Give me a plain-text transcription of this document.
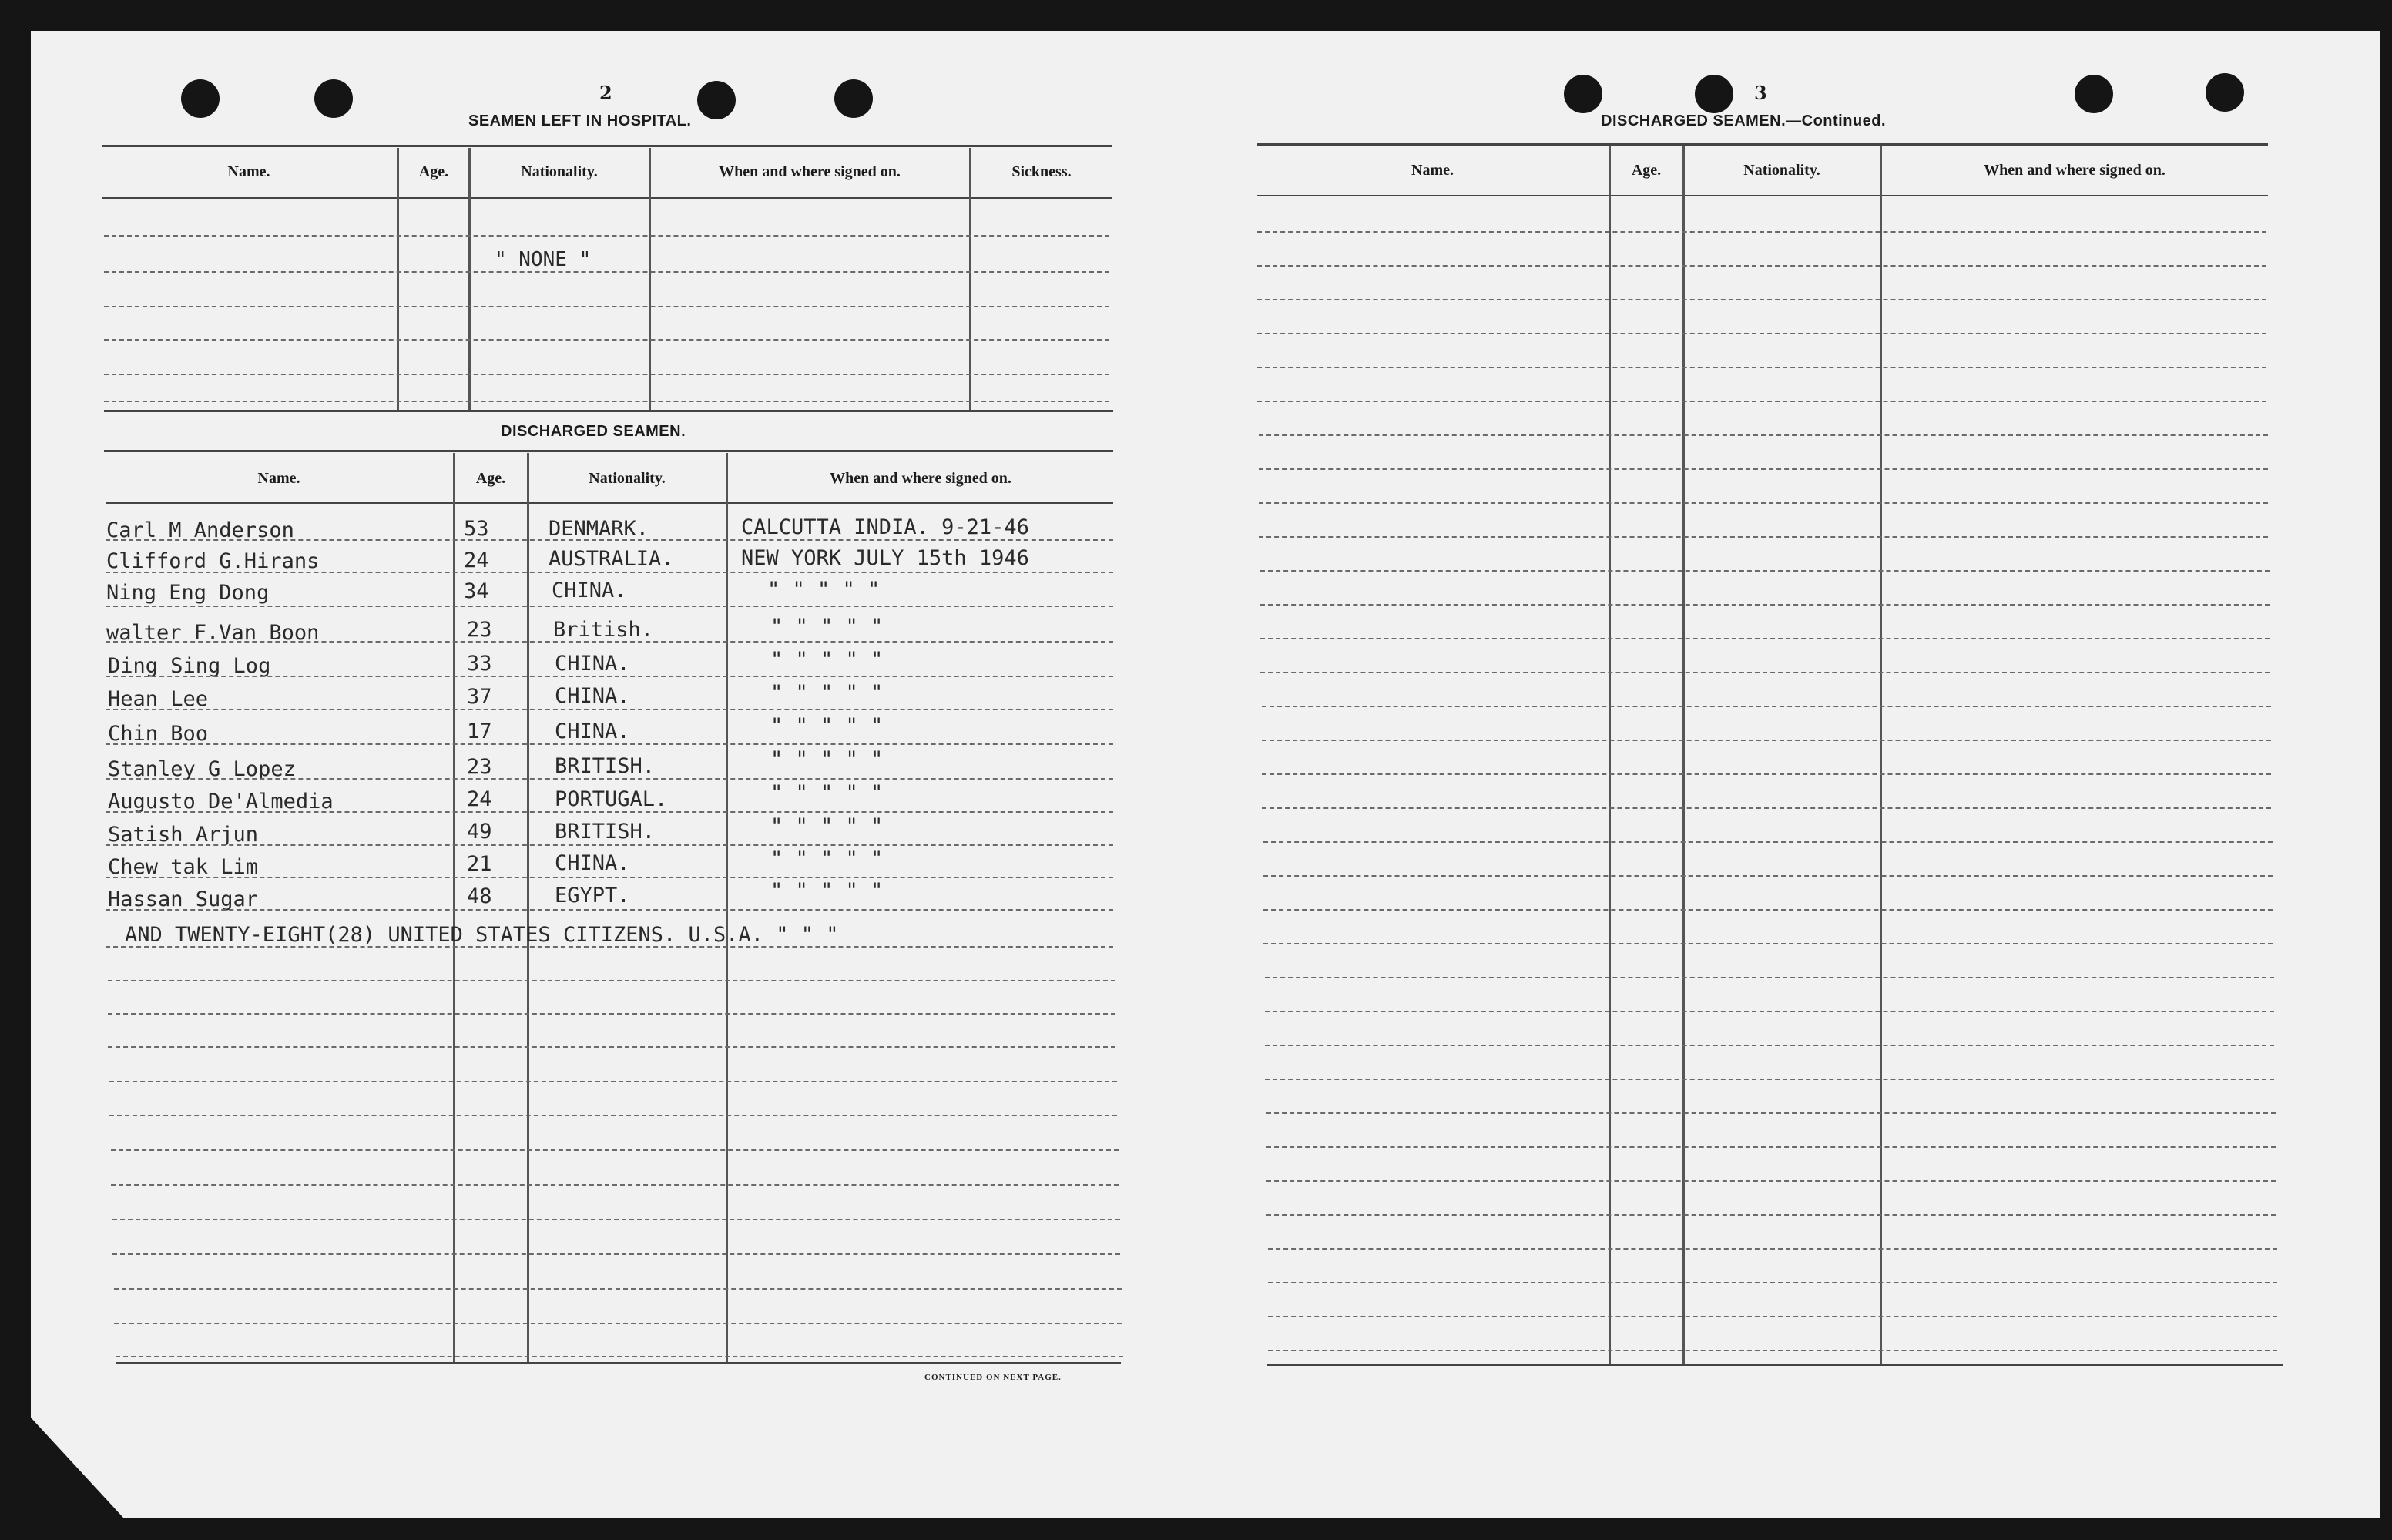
2
SEAMEN LEFT IN HOSPITAL.
Name.	Age.	Nationality.	When and where signed on.	Sickness.
" NONE "
DISCHARGED SEAMEN.
Name.	Age.	Nationality.	When and where signed on.
Carl M Anderson	53	DENMARK.	CALCUTTA INDIA. 9-21-46
Clifford G.Hirans	24	AUSTRALIA.	NEW YORK JULY 15th 1946
Ning Eng Dong	34	CHINA.	" " " " "
walter F.Van Boon	23	British.	" " " " "
Ding Sing Log	33	CHINA.	" " " " "
Hean Lee	37	CHINA.	" " " " "
Chin Boo	17	CHINA.	" " " " "
Stanley G Lopez	23	BRITISH.	" " " " "
Augusto De'Almedia	24	PORTUGAL.	" " " " "
Satish Arjun	49	BRITISH.	" " " " "
Chew tak Lim	21	CHINA.	" " " " "
Hassan Sugar	48	EGYPT.	" " " " "
AND TWENTY-EIGHT(28) UNITED STATES CITIZENS. U.S.A. " " "
CONTINUED ON NEXT PAGE.
3
DISCHARGED SEAMEN.—Continued.
Name.	Age.	Nationality.	When and where signed on.
